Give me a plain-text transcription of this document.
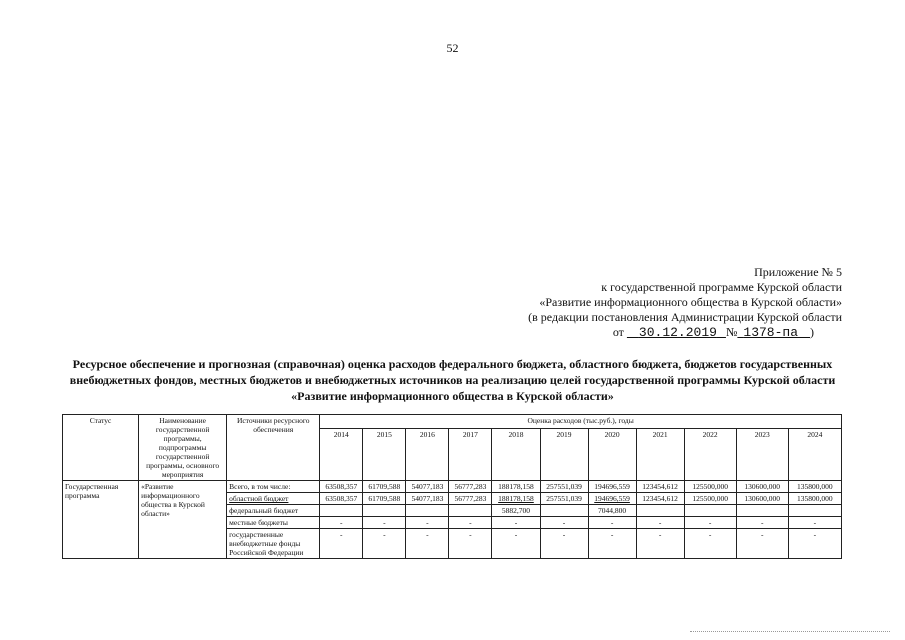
52
Приложение № 5
к государственной программе Курской области
«Развитие информационного общества в Курской области»
(в редакции постановления Администрации Курской области
от 30.12.2019 № 1378-па )
Ресурсное обеспечение и прогнозная (справочная) оценка расходов федерального бюджета, областного бюджета, бюджетов государственных внебюджетных фондов, местных бюджетов и внебюджетных источников на реализацию целей государственной программы Курской области «Развитие информационного общества в Курской области»
Статус	Наименование государственной программы, подпрограммы государственной программы, основного мероприятия	Источники ресурсного обеспечения	Оценка расходов (тыс.руб.), годы										
			2014	2015	2016	2017	2018	2019	2020	2021	2022	2023	2024
Государственная программа	«Развитие информационного общества в Курской области»	Всего, в том числе:	63508,357	61709,588	54077,183	56777,283	188178,158	257551,039	194696,559	123454,612	125500,000	130600,000	135800,000
		областной бюджет	63508,357	61709,588	54077,183	56777,283	188178,158	257551,039	194696,559	123454,612	125500,000	130600,000	135800,000
		федеральный бюджет					5882,700		7044,800				
		местные бюджеты	-	-	-	-	-	-	-	-	-	-	-
		государственные внебюджетные фонды Российской Федерации	-	-	-	-	-	-	-	-	-	-	-
